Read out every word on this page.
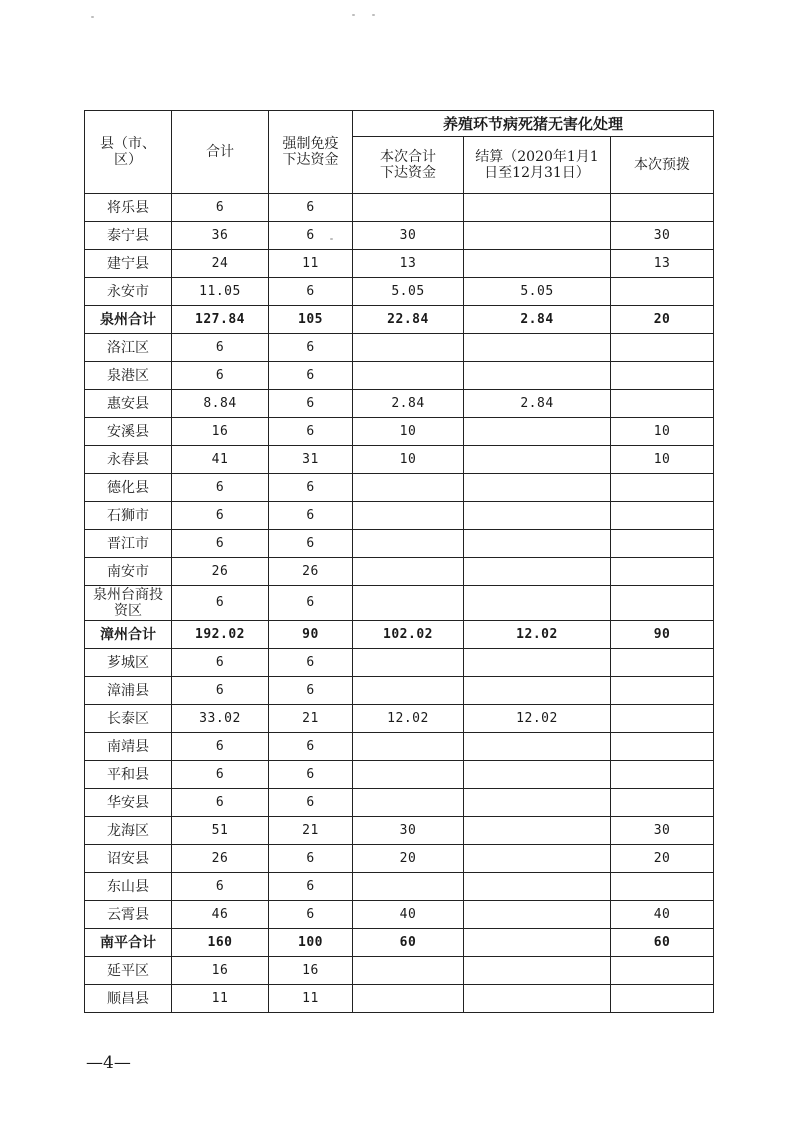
县（市、区）	合计	强制免疫下达资金	养殖环节病死猪无害化处理		

			本次合计下达资金	结算（2020年1月1日至12月31日）	本次预拨

将乐县	6	6			
泰宁县	36	6	30		30
建宁县	24	11	13		13
永安市	11.05	6	5.05	5.05	
泉州合计	127.84	105	22.84	2.84	20
洛江区	6	6			
泉港区	6	6			
惠安县	8.84	6	2.84	2.84	
安溪县	16	6	10		10
永春县	41	31	10		10
德化县	6	6			
石狮市	6	6			
晋江市	6	6			
南安市	26	26			
泉州台商投资区	6	6			
漳州合计	192.02	90	102.02	12.02	90
芗城区	6	6			
漳浦县	6	6			
长泰区	33.02	21	12.02	12.02	
南靖县	6	6			
平和县	6	6			
华安县	6	6			
龙海区	51	21	30		30
诏安县	26	6	20		20
东山县	6	6			
云霄县	46	6	40		40
南平合计	160	100	60		60
延平区	16	16			
顺昌县	11	11			
—4—
